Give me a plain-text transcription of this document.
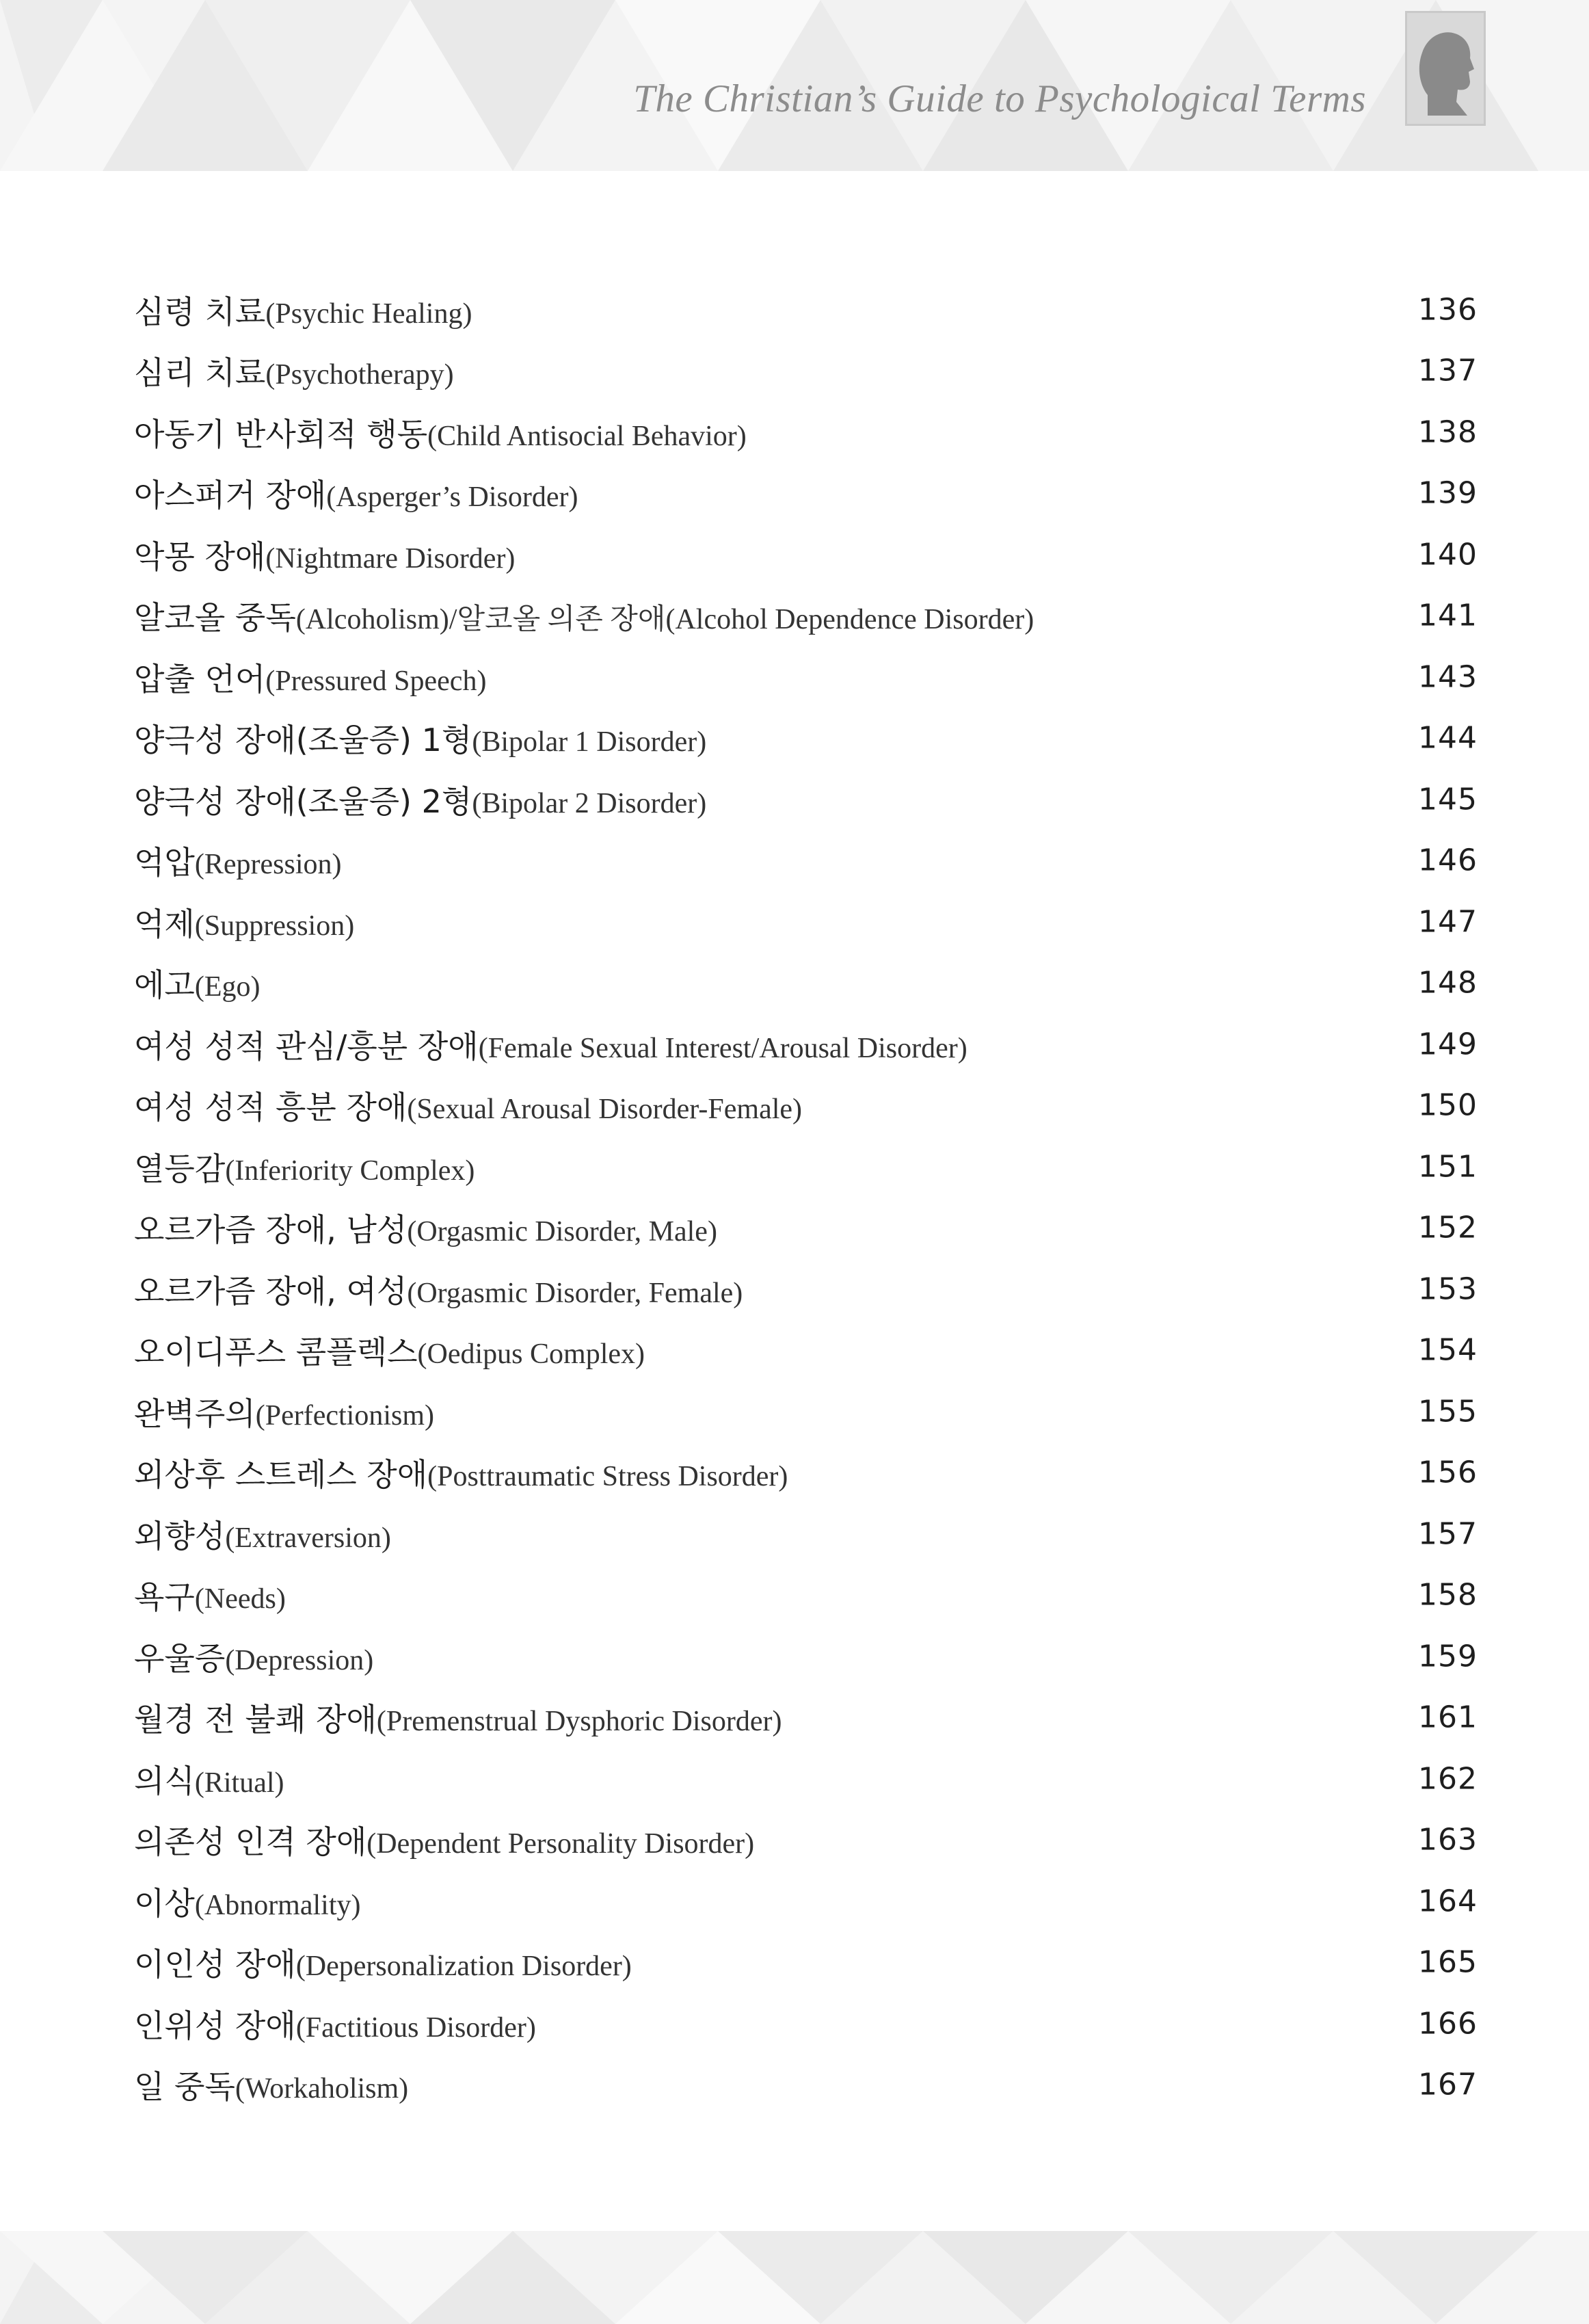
The Christian’s Guide to Psychological Terms
심령 치료(Psychic Healing)	136
심리 치료(Psychotherapy)	137
아동기 반사회적 행동(Child Antisocial Behavior)	138
아스퍼거 장애(Asperger’s Disorder)	139
악몽 장애(Nightmare Disorder)	140
알코올 중독(Alcoholism)/알코올 의존 장애(Alcohol Dependence Disorder)	141
압출 언어(Pressured Speech)	143
양극성 장애(조울증) 1형(Bipolar 1 Disorder)	144
양극성 장애(조울증) 2형(Bipolar 2 Disorder)	145
억압(Repression)	146
억제(Suppression)	147
에고(Ego)	148
여성 성적 관심/흥분 장애(Female Sexual Interest/Arousal Disorder)	149
여성 성적 흥분 장애(Sexual Arousal Disorder-Female)	150
열등감(Inferiority Complex)	151
오르가즘 장애, 남성(Orgasmic Disorder, Male)	152
오르가즘 장애, 여성(Orgasmic Disorder, Female)	153
오이디푸스 콤플렉스(Oedipus Complex)	154
완벽주의(Perfectionism)	155
외상후 스트레스 장애(Posttraumatic Stress Disorder)	156
외향성(Extraversion)	157
욕구(Needs)	158
우울증(Depression)	159
월경 전 불쾌 장애(Premenstrual Dysphoric Disorder)	161
의식(Ritual)	162
의존성 인격 장애(Dependent Personality Disorder)	163
이상(Abnormality)	164
이인성 장애(Depersonalization Disorder)	165
인위성 장애(Factitious Disorder)	166
일 중독(Workaholism)	167
